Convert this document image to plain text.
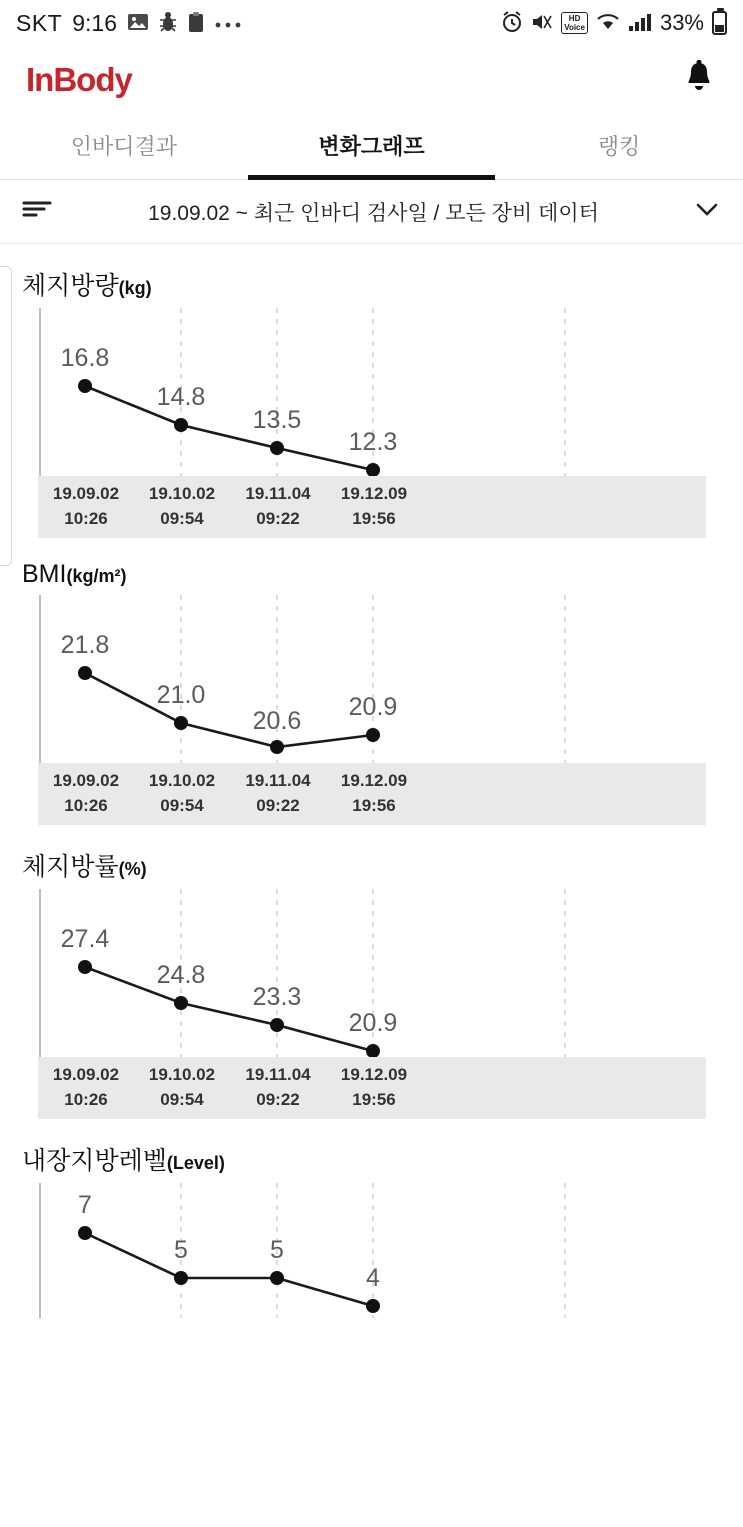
SKT 9:16	HD
Voice	33%
InBody
인바디결과	변화그래프	랭킹
19.09.02 ~ 최근 인바디 검사일 / 모든 장비 데이터
체지방량(kg)
16.8
14.8
13.5
12.3
19.09.02
10:26
19.10.02
09:54
19.11.04
09:22
19.12.09
19:56
BMI(kg/m²)
21.8
21.0
20.6 20.9
19.09.02
10:26
19.10.02
09:54
19.11.04
09:22
19.12.09
19:56
체지방률(%)
27.4
24.8
23.3
20.9
19.09.02
10:26
19.10.02
09:54
19.11.04
09:22
19.12.09
19:56
내장지방레벨(Level)
7
5	5
4
